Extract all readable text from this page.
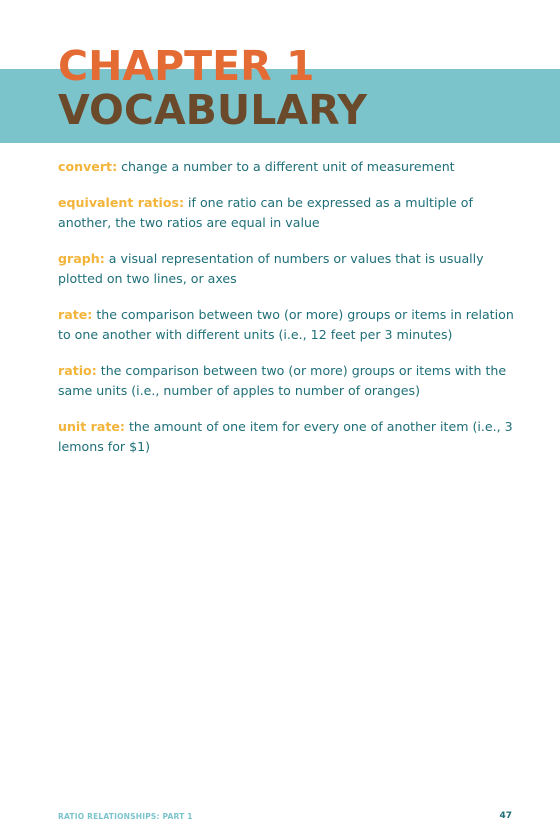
CHAPTER 1
VOCABULARY
convert: change a number to a different unit of measurement
equivalent ratios: if one ratio can be expressed as a multiple of another, the two ratios are equal in value
graph: a visual representation of numbers or values that is usually plotted on two lines, or axes
rate: the comparison between two (or more) groups or items in relation to one another with different units (i.e., 12 feet per 3 minutes)
ratio: the comparison between two (or more) groups or items with the same units (i.e., number of apples to number of oranges)
unit rate: the amount of one item for every one of another item (i.e., 3 lemons for $1)
RATIO RELATIONSHIPS: PART 1	47
